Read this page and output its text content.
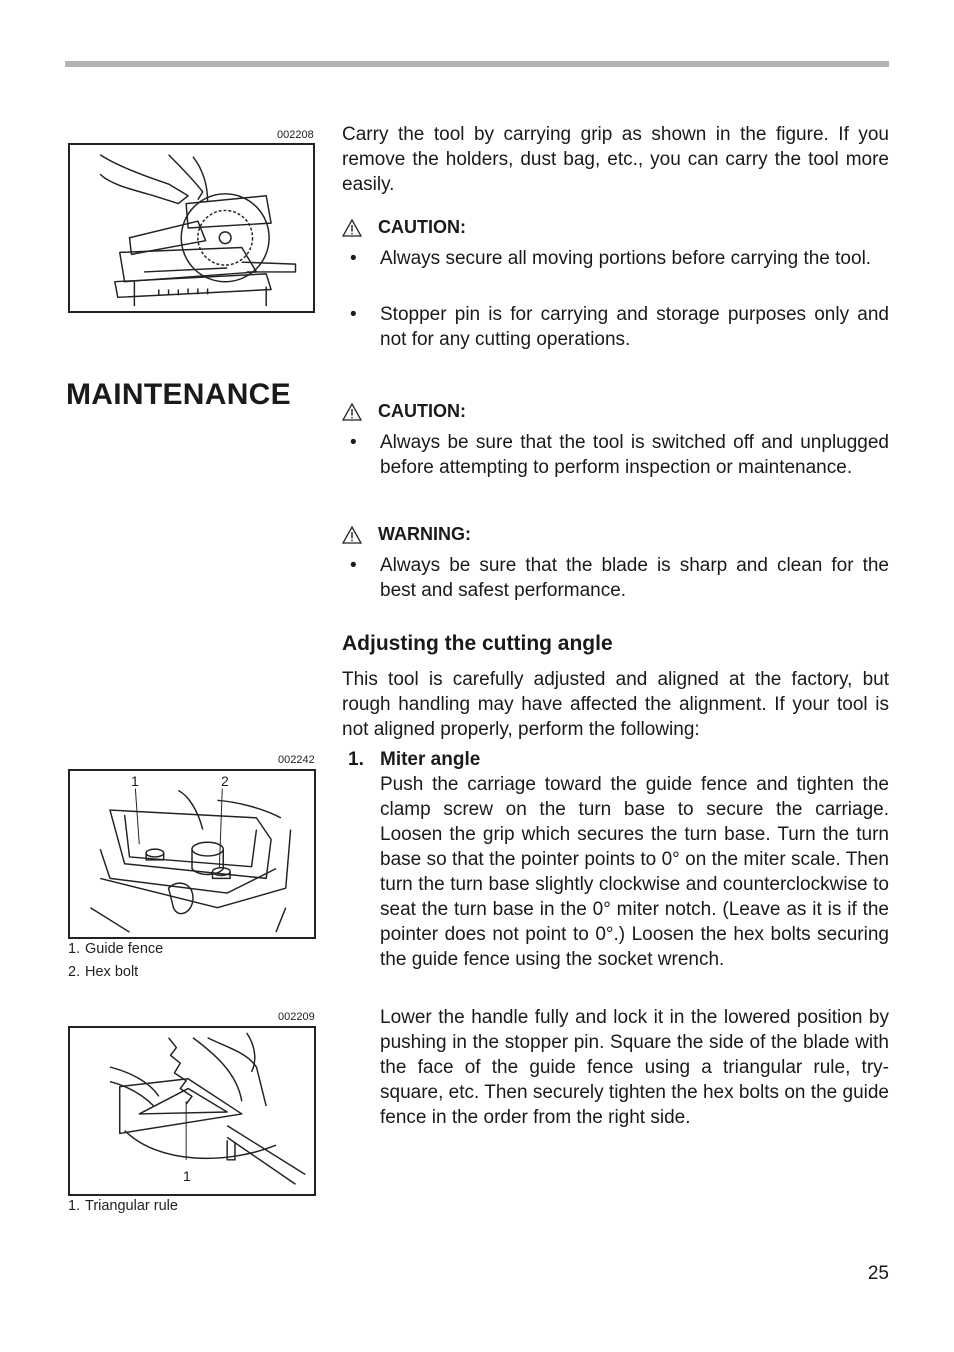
002208 Carry the tool by carrying grip as shown in the figure. If you remove the holders, dust bag, etc., you can carry the tool more easily.
CAUTION:
• Always secure all moving portions before carrying the tool.
• Stopper pin is for carrying and storage purposes only and not for any cutting operations.
MAINTENANCE	CAUTION:
• Always be sure that the tool is switched off and unplugged before attempting to perform inspection or maintenance.
WARNING:
• Always be sure that the blade is sharp and clean for the best and safest performance.
Adjusting the cutting angle
This tool is carefully adjusted and aligned at the factory, but rough handling may have affected the alignment. If your tool is not aligned properly, perform the following:
1. Miter angle
Push the carriage toward the guide fence and tighten the clamp screw on the turn base to secure the carriage. Loosen the grip which secures the turn base. Turn the turn base so that the pointer points to 0° on the miter scale. Then turn the turn base slightly clockwise and counterclockwise to seat the turn base in the 0° miter notch. (Leave as it is if the pointer does not point to 0°.) Loosen the hex bolts securing the guide fence using the socket wrench.
Lower the handle fully and lock it in the lowered position by pushing in the stopper pin. Square the side of the blade with the face of the guide fence using a triangular rule, try-square, etc. Then securely tighten the hex bolts on the guide fence in the order from the right side.
002242
1	2
1. Guide fence
2. Hex bolt
002209
1
1. Triangular rule
25
